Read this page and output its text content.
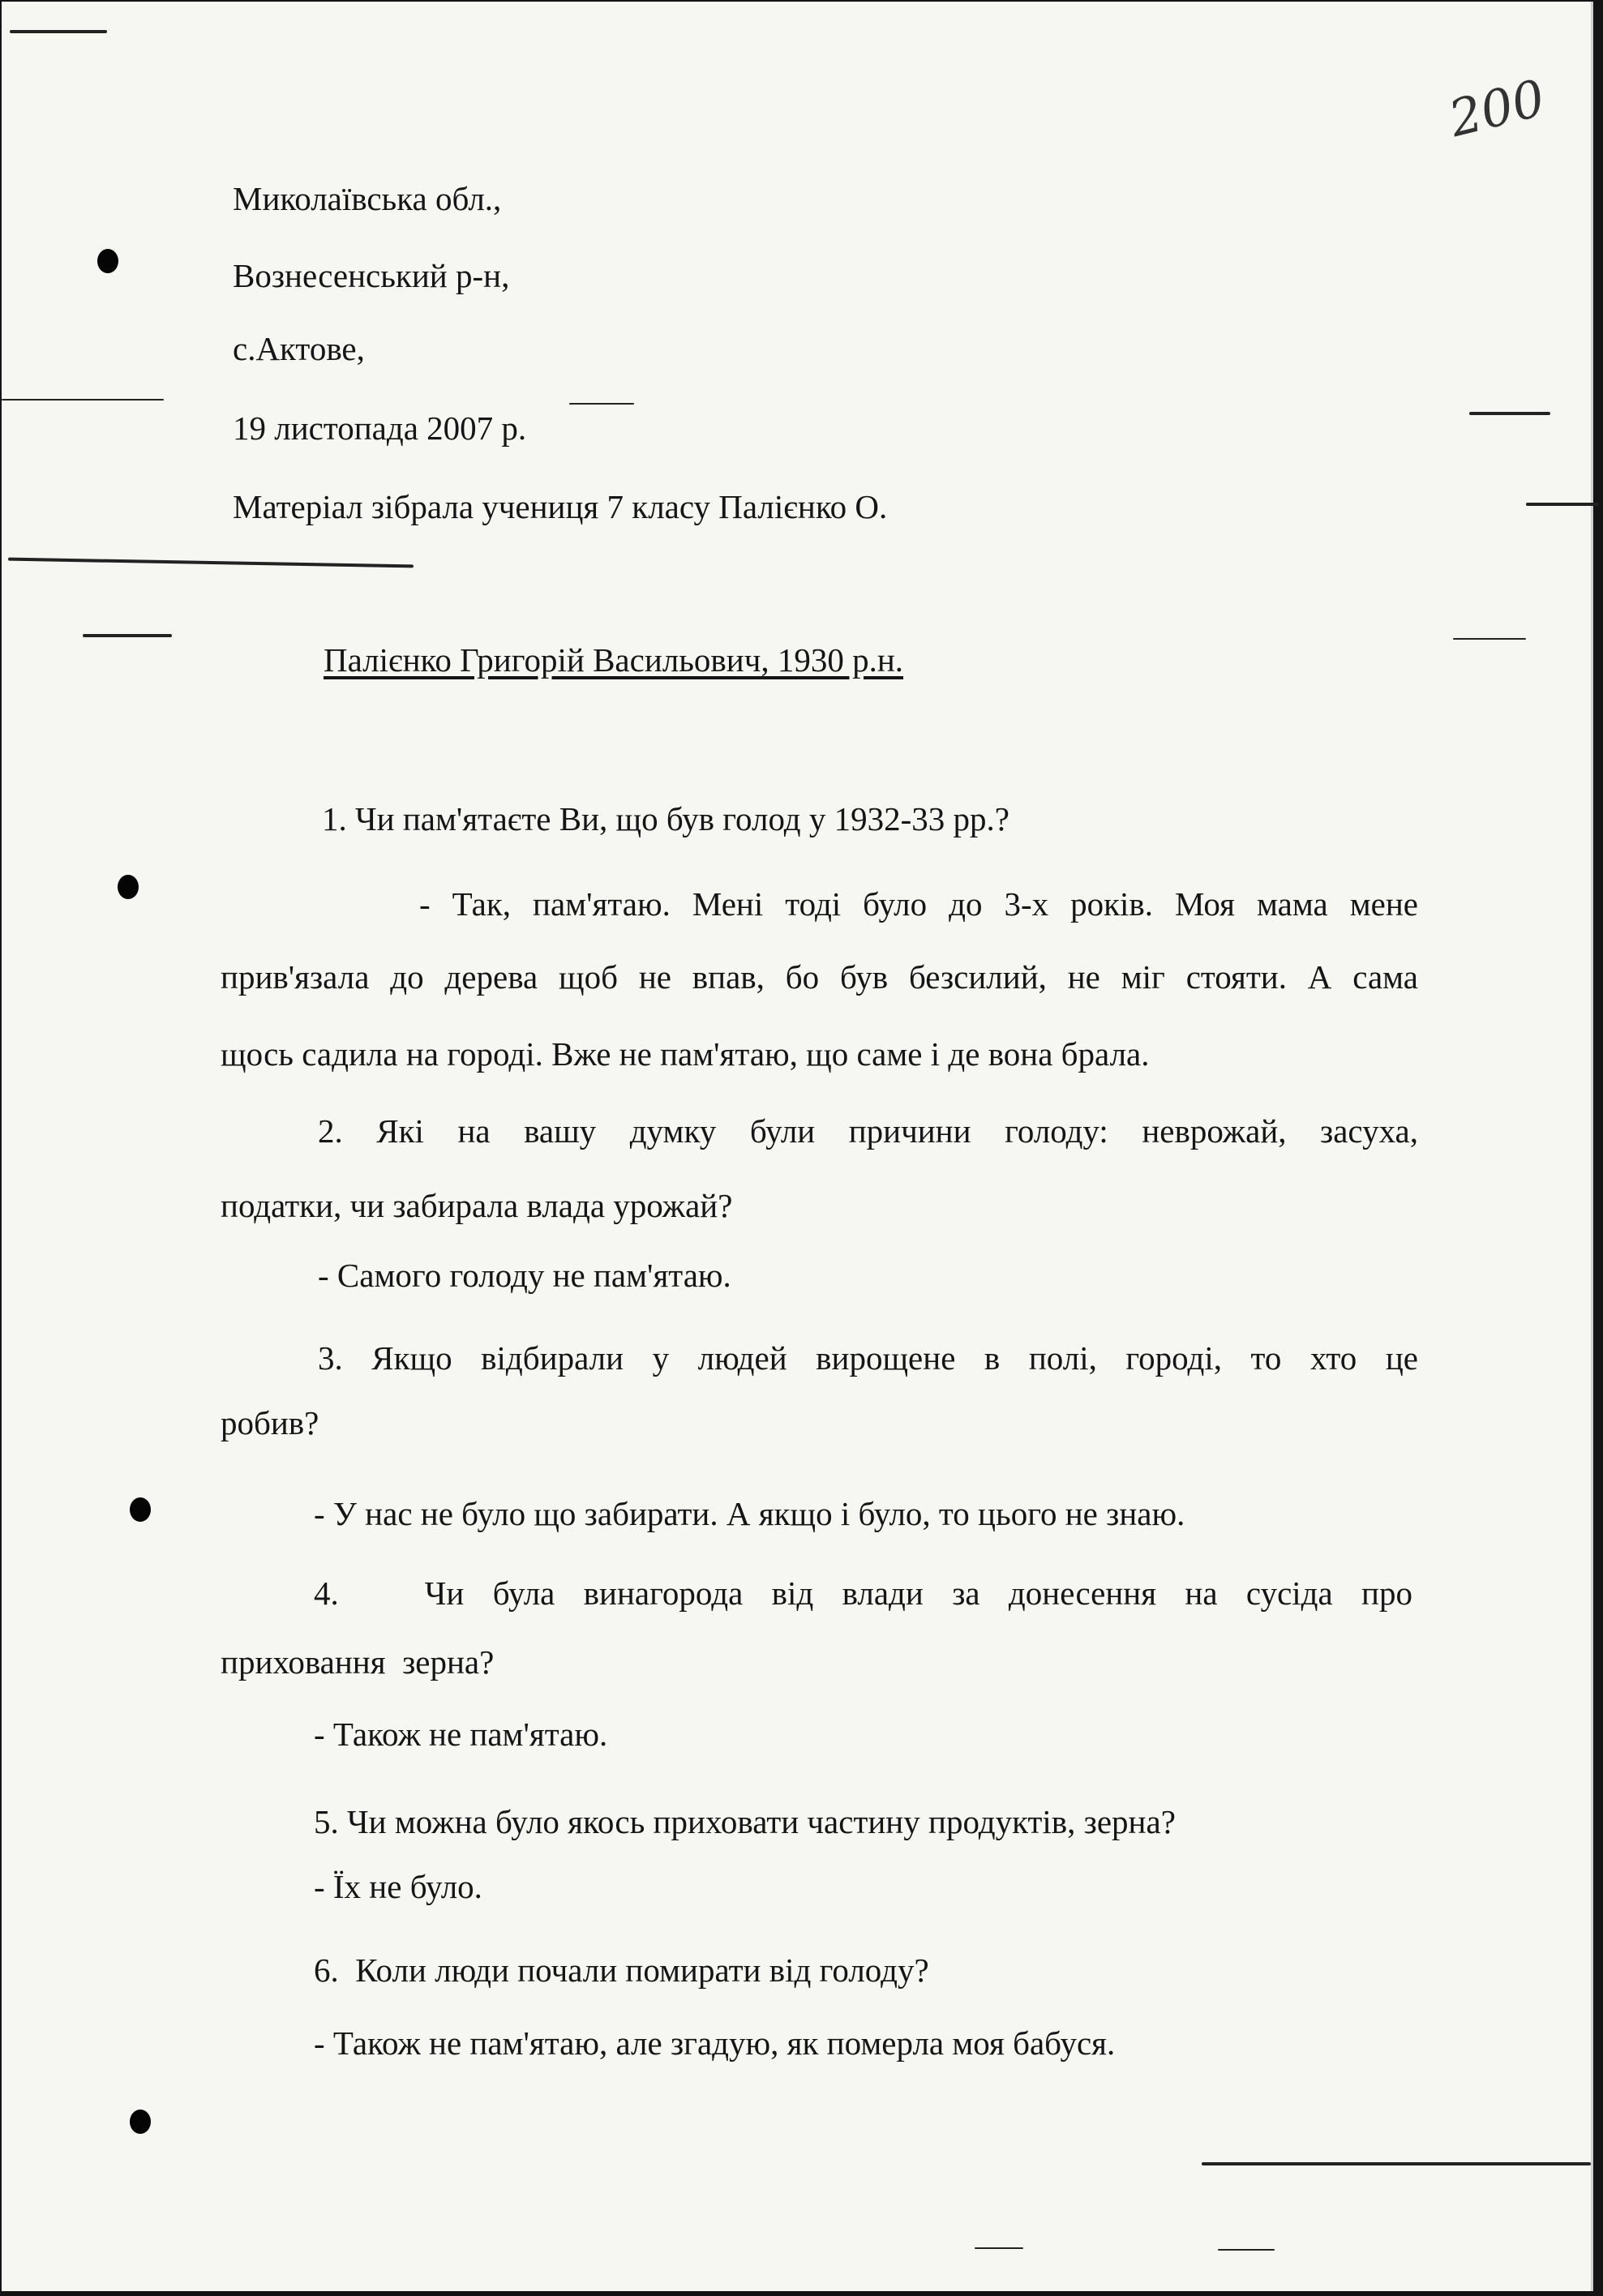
200

Миколаївська обл.,

Вознесенський р-н,

с.Актове,

19 листопада 2007 р.

Матеріал зібрала учениця 7 класу Палієнко О.

Палієнко Григорій Васильович, 1930 р.н.

1. Чи пам'ятаєте Ви, що був голод у 1932-33 рр.?

- Так, пам'ятаю. Мені тоді було до 3-х років. Моя мама мене

прив'язала до дерева щоб не впав, бо був безсилий, не міг стояти. А сама

щось садила на городі. Вже не пам'ятаю, що саме і де вона брала.

2. Які на вашу думку були причини голоду: неврожай, засуха,

податки, чи забирала влада урожай?

- Самого голоду не пам'ятаю.

3. Якщо відбирали у людей вирощене в полі, городі, то хто це

робив?

- У нас не було що забирати. А якщо і було, то цього не знаю.

4.   Чи була винагорода від влади за донесення на сусіда про

приховання  зерна?

- Також не пам'ятаю.

5. Чи можна було якось приховати частину продуктів, зерна?

- Їх не було.

6.  Коли люди почали помирати від голоду?

- Також не пам'ятаю, але згадую, як померла моя бабуся.
